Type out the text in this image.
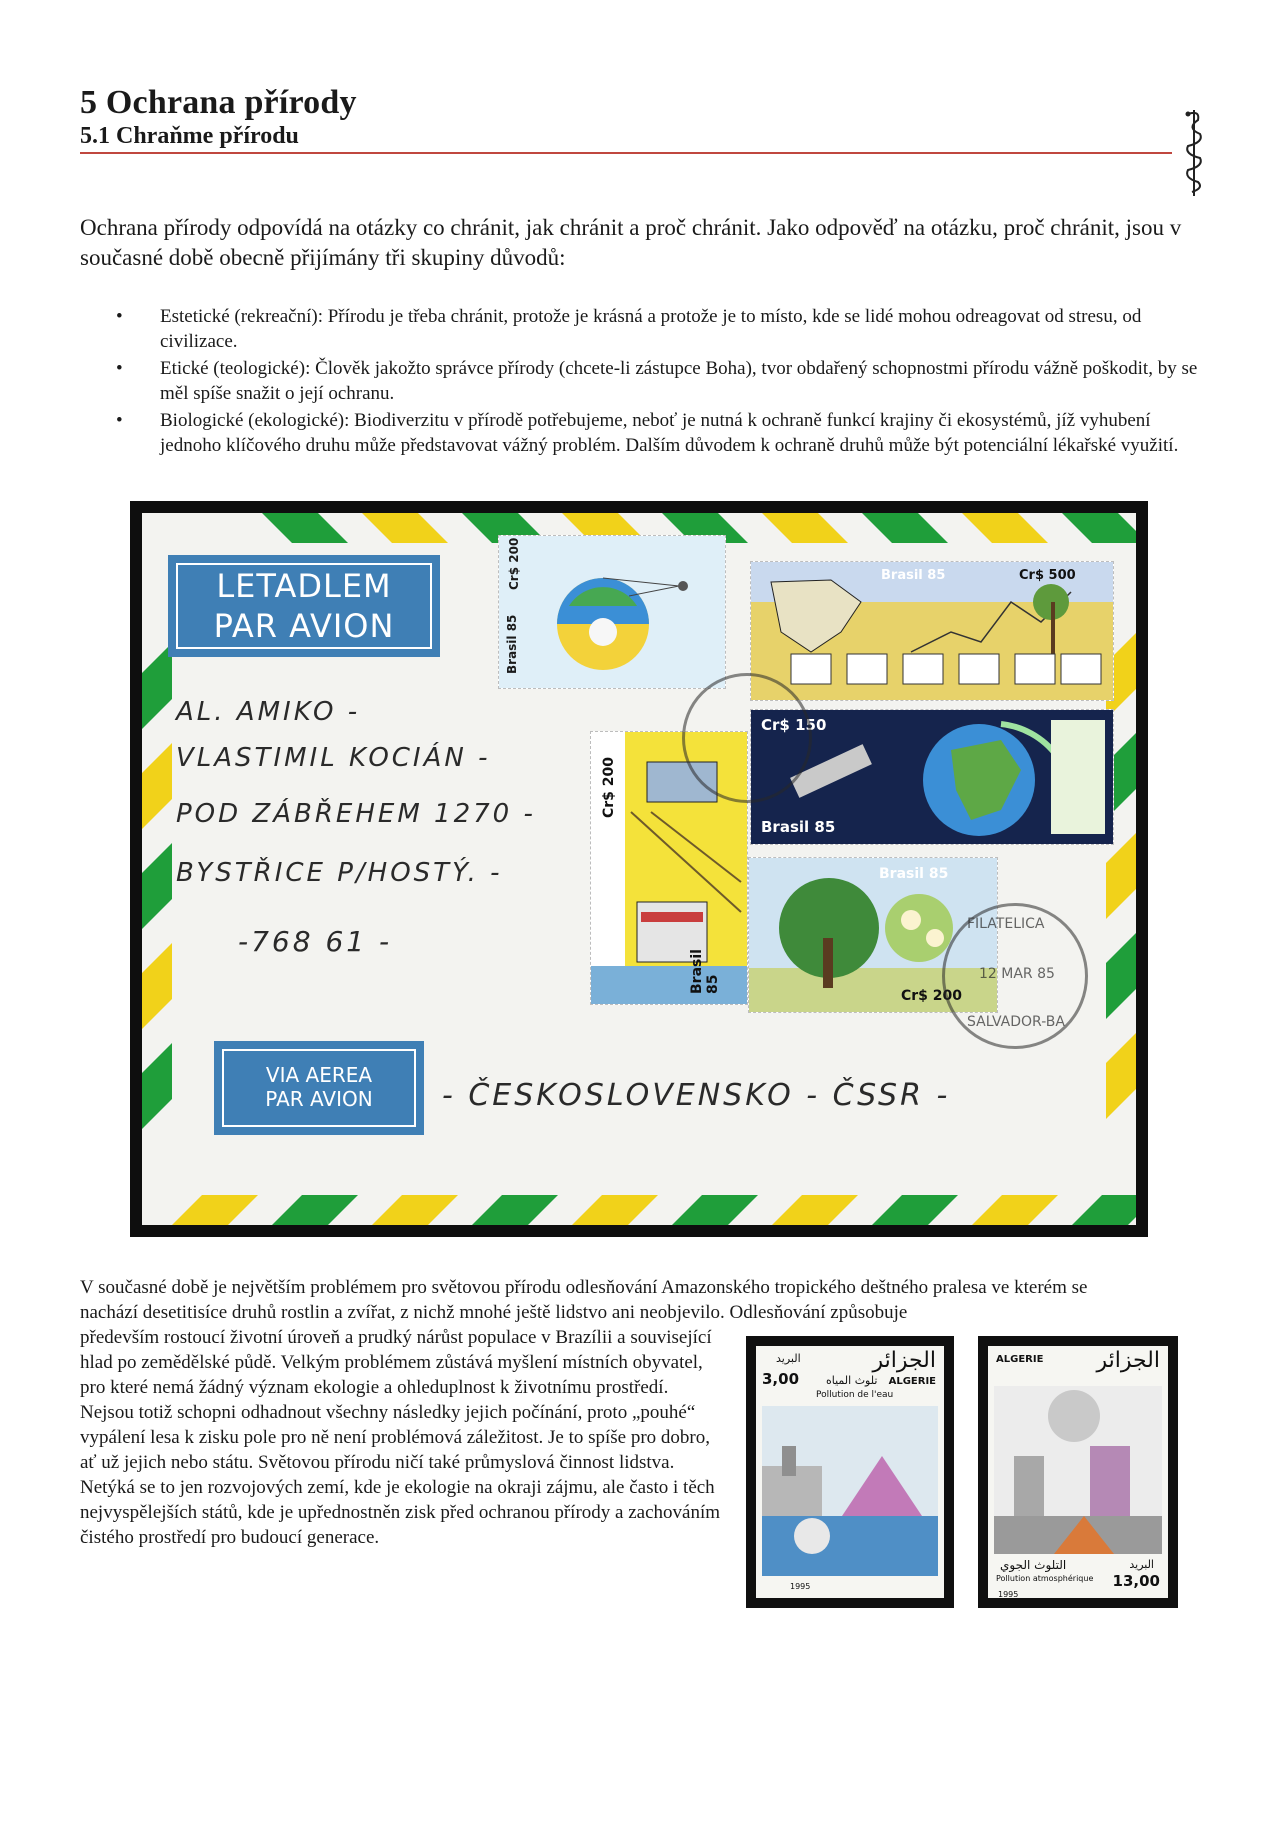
5 Ochrana přírody
5.1 Chraňme přírodu
Ochrana přírody odpovídá na otázky co chránit, jak chránit a proč chránit. Jako odpověď na otázku, proč chránit, jsou v současné době obecně přijímány tři skupiny důvodů:
• Estetické (rekreační): Přírodu je třeba chránit, protože je krásná a protože je to místo, kde se lidé mohou odreagovat od stresu, od civilizace.
• Etické (teologické): Člověk jakožto správce přírody (chcete-li zástupce Boha), tvor obdařený schopnostmi přírodu vážně poškodit, by se měl spíše snažit o její ochranu.
• Biologické (ekologické): Biodiverzitu v přírodě potřebujeme, neboť je nutná k ochraně funkcí krajiny či ekosystémů, jíž vyhubení jednoho klíčového druhu může představovat vážný problém. Dalším důvodem k ochraně druhů může být potenciální lékařské využití.
LETADLEM
PAR AVION
VIA AEREA
PAR AVION
AL. AMIKO -
VLASTIMIL KOCIÁN -
POD ZÁBŘEHEM 1270 -
BYSTŘICE P/HOSTÝ. -
-768 61 -
- ČESKOSLOVENSKO - ČSSR -
Brasil 85
Cr$ 200	Brasil 85	Cr$ 500
Brasil 85
Cr$ 200
Cr$ 150
Brasil 85
Brasil 85
Cr$ 200
FILATELICA
12 MAR 85
SALVADOR-BA
V současné době je největším problémem pro světovou přírodu odlesňování Amazonského tropického deštného pralesa ve kterém se nachází desetitisíce druhů rostlin a zvířat, z nichž mnohé ještě lidstvo ani neobjevilo. Odlesňování způsobuje
především rostoucí životní úroveň a prudký nárůst populace v Brazílii a související hlad po zemědělské půdě. Velkým problémem zůstává myšlení místních obyvatel, pro které nemá žádný význam ekologie a ohleduplnost k životnímu prostředí. Nejsou totiž schopni odhadnout všechny následky jejich počínání, proto „pouhé“ vypálení lesa k zisku pole pro ně není problémová záležitost. Je to spíše pro dobro, ať už jejich nebo státu. Světovou přírodu ničí také průmyslová činnost lidstva. Netýká se to jen rozvojových zemí, kde je ekologie na okraji zájmu, ale často i těch nejvyspělejších států, kde je upřednostněn zisk před ochranou přírody a zachováním čistého prostředí pro budoucí generace.
3,00
الجزائر
البريد
تلوث المياه ALGERIE
Pollution de l'eau
1995
ALGERIE الجزائر
البريد
التلوث الجوي
Pollution atmosphérique 13,00
1995
